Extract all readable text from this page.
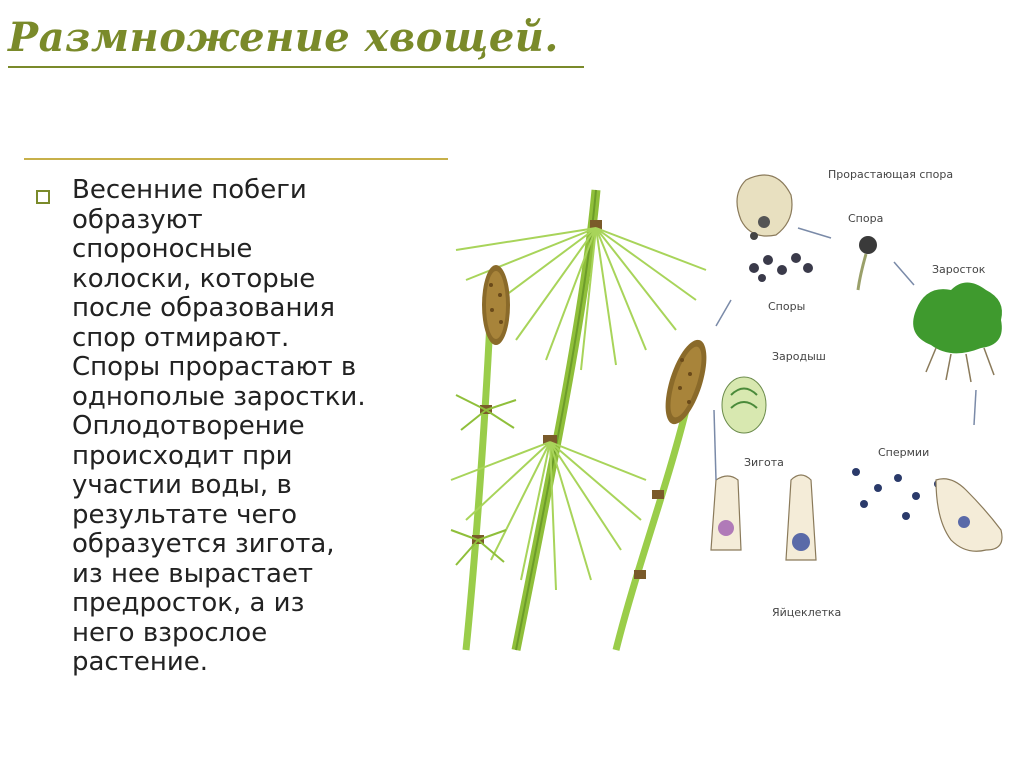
Размножение хвощей.
Весенние побеги
образуют
спороносные
колоски, которые
после образования
спор отмирают.
Споры прорастают в
однополые заростки.
Оплодотворение
происходит при
участии воды, в
результате чего
образуется зигота,
из нее вырастает
предросток, а из
него взрослое
растение.
Прорастающая спора
Спора
Заросток
Споры
Зародыш
Зигота
Спермии
Яйцеклетка
